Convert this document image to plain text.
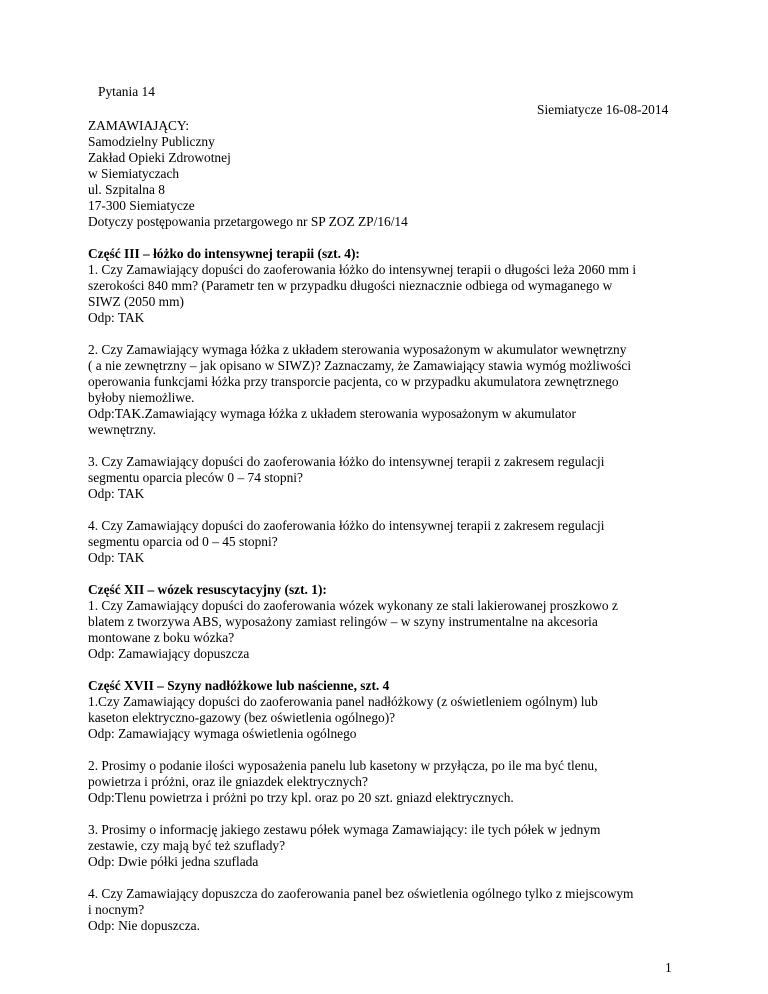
Pytania 14
Siemiatycze 16-08-2014
ZAMAWIAJĄCY:
Samodzielny Publiczny
Zakład Opieki Zdrowotnej
w Siemiatyczach
ul. Szpitalna 8
17-300 Siemiatycze
Dotyczy postępowania przetargowego nr SP ZOZ ZP/16/14
Część III – łóżko do intensywnej terapii (szt. 4):
1. Czy Zamawiający dopuści do zaoferowania łóżko do intensywnej terapii o długości leża 2060 mm i
szerokości 840 mm? (Parametr ten w przypadku długości nieznacznie odbiega od wymaganego w
SIWZ (2050 mm)
Odp: TAK
2. Czy Zamawiający wymaga łóżka z układem sterowania wyposażonym w akumulator wewnętrzny
( a nie zewnętrzny – jak opisano w SIWZ)? Zaznaczamy, że Zamawiający stawia wymóg możliwości
operowania funkcjami łóżka przy transporcie pacjenta, co w przypadku akumulatora zewnętrznego
byłoby niemożliwe.
Odp:TAK.Zamawiający wymaga łóżka z układem sterowania wyposażonym w akumulator
wewnętrzny.
3. Czy Zamawiający dopuści do zaoferowania łóżko do intensywnej terapii z zakresem regulacji
segmentu oparcia pleców 0 – 74 stopni?
Odp: TAK
4. Czy Zamawiający dopuści do zaoferowania łóżko do intensywnej terapii z zakresem regulacji
segmentu oparcia od 0 – 45 stopni?
Odp: TAK
Część XII – wózek resuscytacyjny (szt. 1):
1. Czy Zamawiający dopuści do zaoferowania wózek wykonany ze stali lakierowanej proszkowo z
blatem z tworzywa ABS, wyposażony zamiast relingów – w szyny instrumentalne na akcesoria
montowane z boku wózka?
Odp: Zamawiający dopuszcza
Część XVII – Szyny nadłóżkowe lub naścienne, szt. 4
1.Czy Zamawiający dopuści do zaoferowania panel nadłóżkowy (z oświetleniem ogólnym) lub
kaseton elektryczno-gazowy (bez oświetlenia ogólnego)?
Odp: Zamawiający wymaga oświetlenia ogólnego
2. Prosimy o podanie ilości wyposażenia panelu lub kasetony w przyłącza, po ile ma być tlenu,
powietrza i próżni, oraz ile gniazdek elektrycznych?
Odp:Tlenu powietrza i próżni po trzy kpl. oraz po 20 szt. gniazd elektrycznych.
3. Prosimy o informację jakiego zestawu półek wymaga Zamawiający: ile tych półek w jednym
zestawie, czy mają być też szuflady?
Odp: Dwie półki jedna szuflada
4. Czy Zamawiający dopuszcza do zaoferowania panel bez oświetlenia ogólnego tylko z miejscowym
i nocnym?
Odp: Nie dopuszcza.
1
